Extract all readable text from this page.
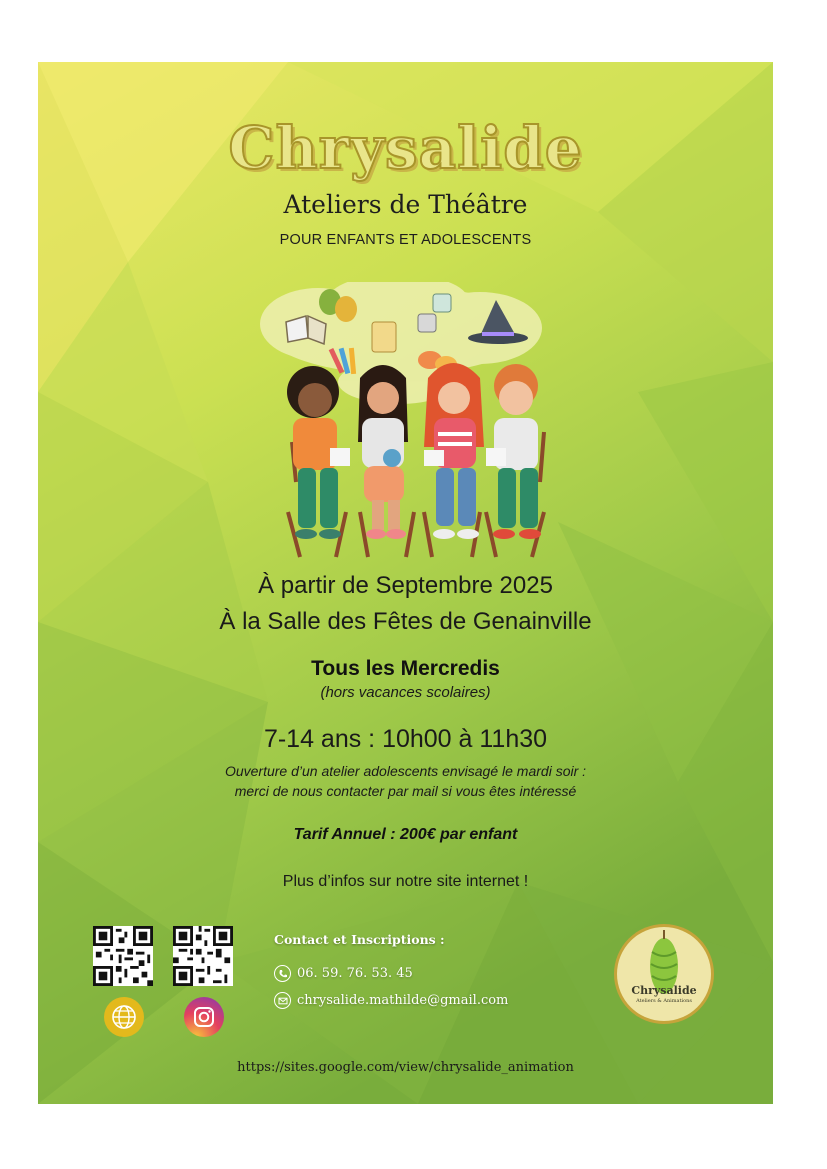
Chrysalide
Ateliers de Théâtre
POUR ENFANTS ET ADOLESCENTS
À partir de Septembre 2025
À la Salle des Fêtes de Genainville
Tous les Mercredis
(hors vacances scolaires)
7-14 ans : 10h00 à 11h30
Ouverture d’un atelier adolescents envisagé le mardi soir :
merci de nous contacter par mail si vous êtes intéressé
Tarif Annuel : 200€ par enfant
Plus d’infos sur notre site internet !
Contact et Inscriptions :
06. 59. 76. 53. 45
chrysalide.mathilde@gmail.com
Chrysalide
Ateliers & Animations
https://sites.google.com/view/chrysalide_animation
